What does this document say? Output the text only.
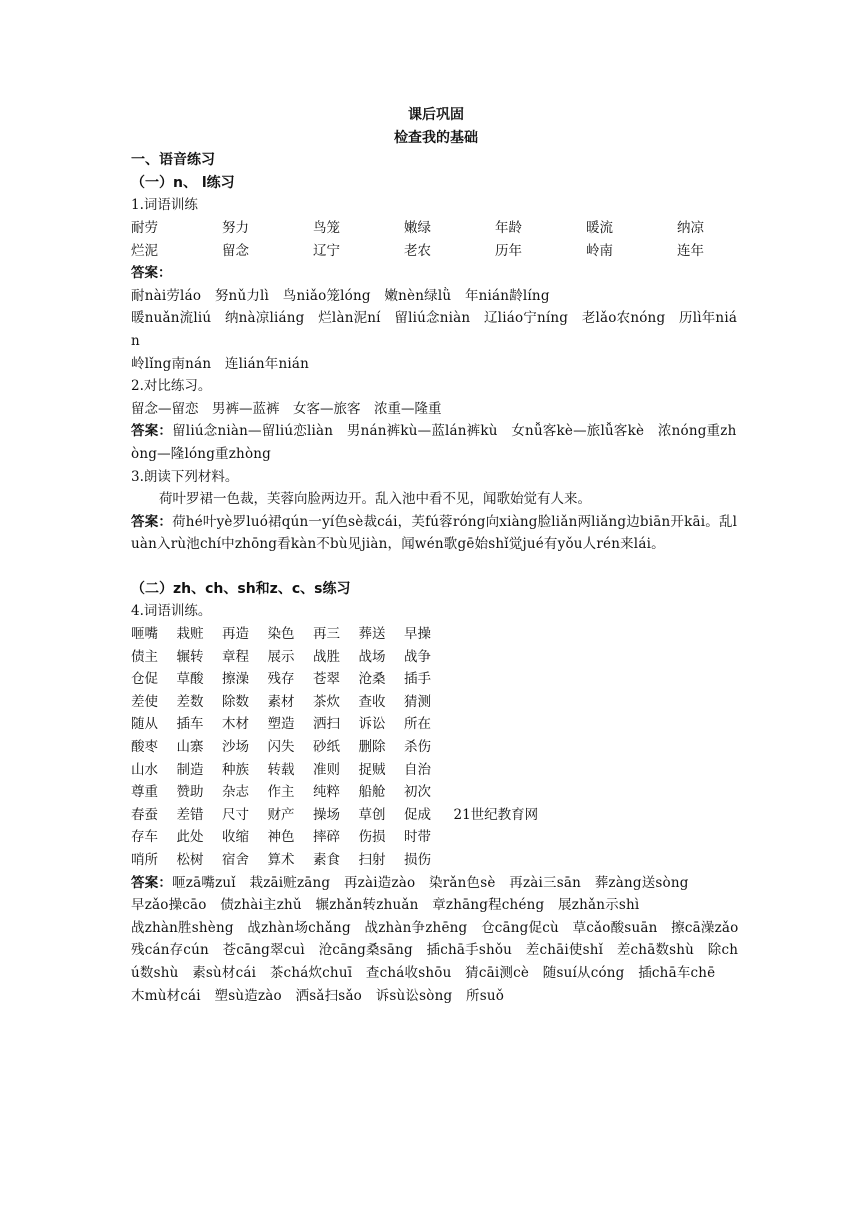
课后巩固
检查我的基础
一、语音练习
（一）n、 l练习
1.词语训练
耐劳	努力	鸟笼	嫩绿	年龄	暖流	纳凉
烂泥	留念	辽宁	老农	历年	岭南	连年
答案：
耐nài劳láo　努nǔ力lì　鸟niǎo笼lóng　嫩nèn绿lǜ　年nián龄líng
暖nuǎn流liú　纳nà凉liáng　烂làn泥ní　留liú念niàn　辽liáo宁níng　老lǎo农nóng　历lì年nián
岭lǐng南nán　连lián年nián
2.对比练习。
留念—留恋　男裤—蓝裤　女客—旅客　浓重—隆重
答案：留liú念niàn—留liú恋liàn　男nán裤kù—蓝lán裤kù　女nǚ客kè—旅lǚ客kè　浓nóng重zhòng—隆lóng重zhòng
3.朗读下列材料。
荷叶罗裙一色裁，芙蓉向脸两边开。乱入池中看不见，闻歌始觉有人来。
答案：荷hé叶yè罗luó裙qún一yí色sè裁cái，芙fú蓉róng向xiàng脸liǎn两liǎng边biān开kāi。乱luàn入rù池chí中zhōng看kàn不bù见jiàn，闻wén歌gē始shǐ觉jué有yǒu人rén来lái。
（二）zh、ch、sh和z、c、s练习
4.词语训练。
咂嘴	栽赃	再造	染色	再三	葬送	早操
债主	辗转	章程	展示	战胜	战场	战争
仓促	草酸	擦澡	残存	苍翠	沧桑	插手
差使	差数	除数	素材	茶炊	查收	猜测
随从	插车	木材	塑造	洒扫	诉讼	所在
酸枣	山寨	沙场	闪失	砂纸	删除	杀伤
山水	制造	种族	转载	准则	捉贼	自治
尊重	赞助	杂志	作主	纯粹	船舱	初次
春蚕	差错	尺寸	财产	操场	草创	促成	21世纪教育网
存车	此处	收缩	神色	摔碎	伤损	时带
哨所	松树	宿舍	算术	素食	扫射	损伤
答案：咂zā嘴zuǐ　栽zāi赃zāng　再zài造zào　染rǎn色sè　再zài三sān　葬zàng送sòng
早zǎo操cāo　债zhài主zhǔ　辗zhǎn转zhuǎn　章zhāng程chéng　展zhǎn示shì
战zhàn胜shèng　战zhàn场chǎng　战zhàn争zhēng　仓cāng促cù　草cǎo酸suān　擦cā澡zǎo　残cán存cún　苍cāng翠cuì　沧cāng桑sāng　插chā手shǒu　差chāi使shǐ　差chā数shù　除chú数shù　素sù材cái　茶chá炊chuī　查chá收shōu　猜cāi测cè　随suí从cóng　插chā车chē　木mù材cái　塑sù造zào　洒sǎ扫sǎo　诉sù讼sòng　所suǒ
